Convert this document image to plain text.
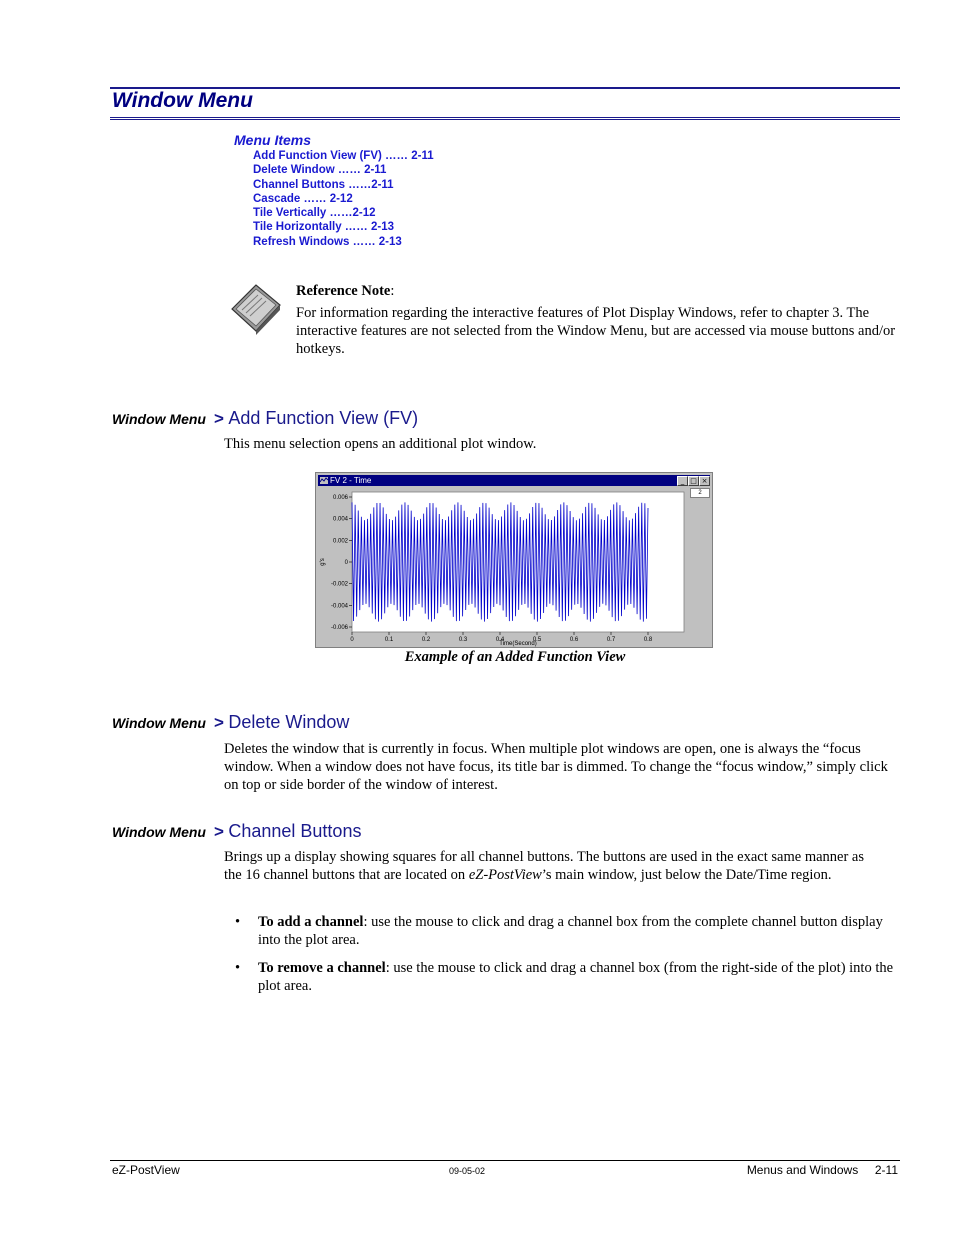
Window Menu
Menu Items
Add Function View (FV) …… 2-11
Delete Window …… 2-11
Channel Buttons ……2-11
Cascade …… 2-12
Tile Vertically ……2-12
Tile Horizontally …… 2-13
Refresh Windows …… 2-13
Reference Note:
For information regarding the interactive features of Plot Display Windows, refer to chapter 3. The interactive features are not selected from the Window Menu, but are accessed via mouse buttons and/or hotkeys.
Window Menu > Add Function View (FV)
This menu selection opens an additional plot window.
FV 2 - Time	_ □ ×
2
0.006
0.004
0.002
0
-0.002
-0.004
-0.006
0	0.1	0.2	0.3	0.4	0.5	0.6	0.7	0.8
g's
Time(Second)
Example of an Added Function View
Window Menu > Delete Window
Deletes the window that is currently in focus. When multiple plot windows are open, one is always the “focus window. When a window does not have focus, its title bar is dimmed. To change the “focus window,” simply click on top or side border of the window of interest.
Window Menu > Channel Buttons
Brings up a display showing squares for all channel buttons. The buttons are used in the exact same manner as the 16 channel buttons that are located on eZ-PostView’s main window, just below the Date/Time region.
• To add a channel: use the mouse to click and drag a channel box from the complete channel button display into the plot area.
• To remove a channel: use the mouse to click and drag a channel box (from the right-side of the plot) into the plot area.
eZ-PostView	09-05-02	Menus and Windows     2-11
